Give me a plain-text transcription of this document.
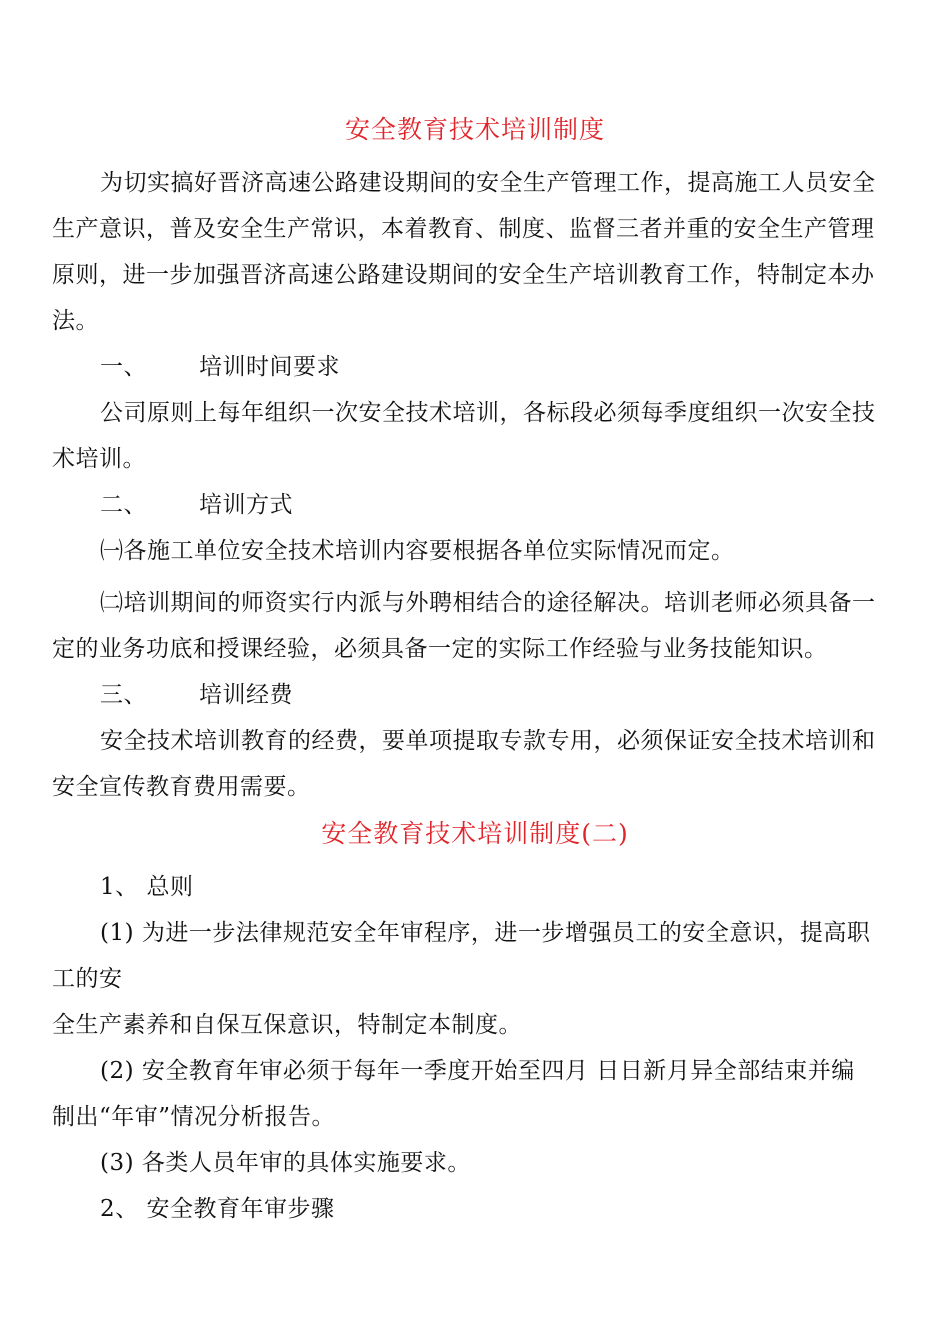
安全教育技术培训制度
为切实搞好晋济高速公路建设期间的安全生产管理工作，提高施工人员安全
生产意识，普及安全生产常识，本着教育、制度、监督三者并重的安全生产管理
原则，进一步加强晋济高速公路建设期间的安全生产培训教育工作，特制定本办
法。
一、 培训时间要求
公司原则上每年组织一次安全技术培训，各标段必须每季度组织一次安全技
术培训。
二、 培训方式
㈠各施工单位安全技术培训内容要根据各单位实际情况而定。
㈡培训期间的师资实行内派与外聘相结合的途径解决。培训老师必须具备一
定的业务功底和授课经验，必须具备一定的实际工作经验与业务技能知识。
三、 培训经费
安全技术培训教育的经费，要单项提取专款专用，必须保证安全技术培训和
安全宣传教育费用需要。
安全教育技术培训制度(二)
1、 总则
(1) 为进一步法律规范安全年审程序，进一步增强员工的安全意识，提高职
工的安
全生产素养和自保互保意识，特制定本制度。
(2) 安全教育年审必须于每年一季度开始至四月 日日新月异全部结束并编
制出“年审”情况分析报告。
(3) 各类人员年审的具体实施要求。
2、 安全教育年审步骤
